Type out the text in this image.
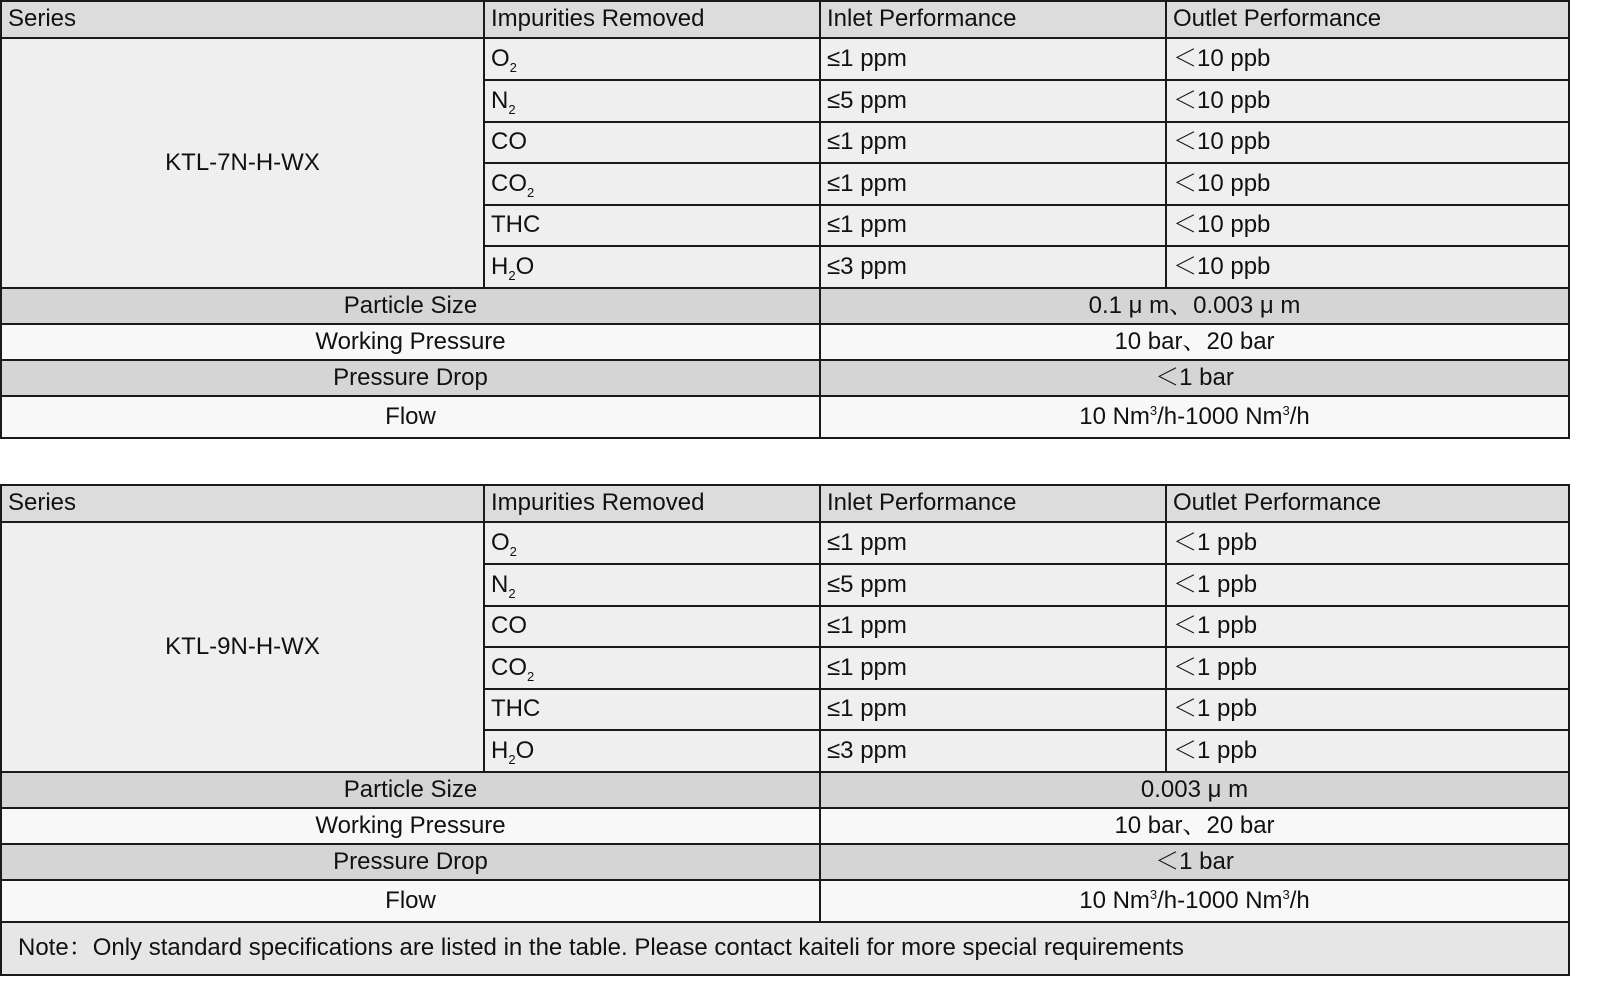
Series	Impurities Removed	Inlet Performance	Outlet Performance
KTL-7N-H-WX	$O_2$	≤1 ppm	＜10 ppb
	$N_2$	≤5 ppm	＜10 ppb
	CO	≤1 ppm	＜10 ppb
	$CO_2$	≤1 ppm	＜10 ppb
	THC	≤1 ppm	＜10 ppb
	$H_2O$	≤3 ppm	＜10 ppb
Particle Size		0.1 μ m、0.003 μ m	
Working Pressure		10 bar、20 bar	
Pressure Drop		＜1 bar	
Flow		10 Nm$^3$/h-1000 Nm$^3$/h	
Series	Impurities Removed	Inlet Performance	Outlet Performance
KTL-9N-H-WX	$O_2$	≤1 ppm	＜1 ppb
	$N_2$	≤5 ppm	＜1 ppb
	CO	≤1 ppm	＜1 ppb
	$CO_2$	≤1 ppm	＜1 ppb
	THC	≤1 ppm	＜1 ppb
	$H_2O$	≤3 ppm	＜1 ppb
Particle Size		0.003 μ m	
Working Pressure		10 bar、20 bar	
Pressure Drop		＜1 bar	
Flow		10 Nm$^3$/h-1000 Nm$^3$/h	
Note：Only standard specifications are listed in the table. Please contact kaiteli for more special requirements			
